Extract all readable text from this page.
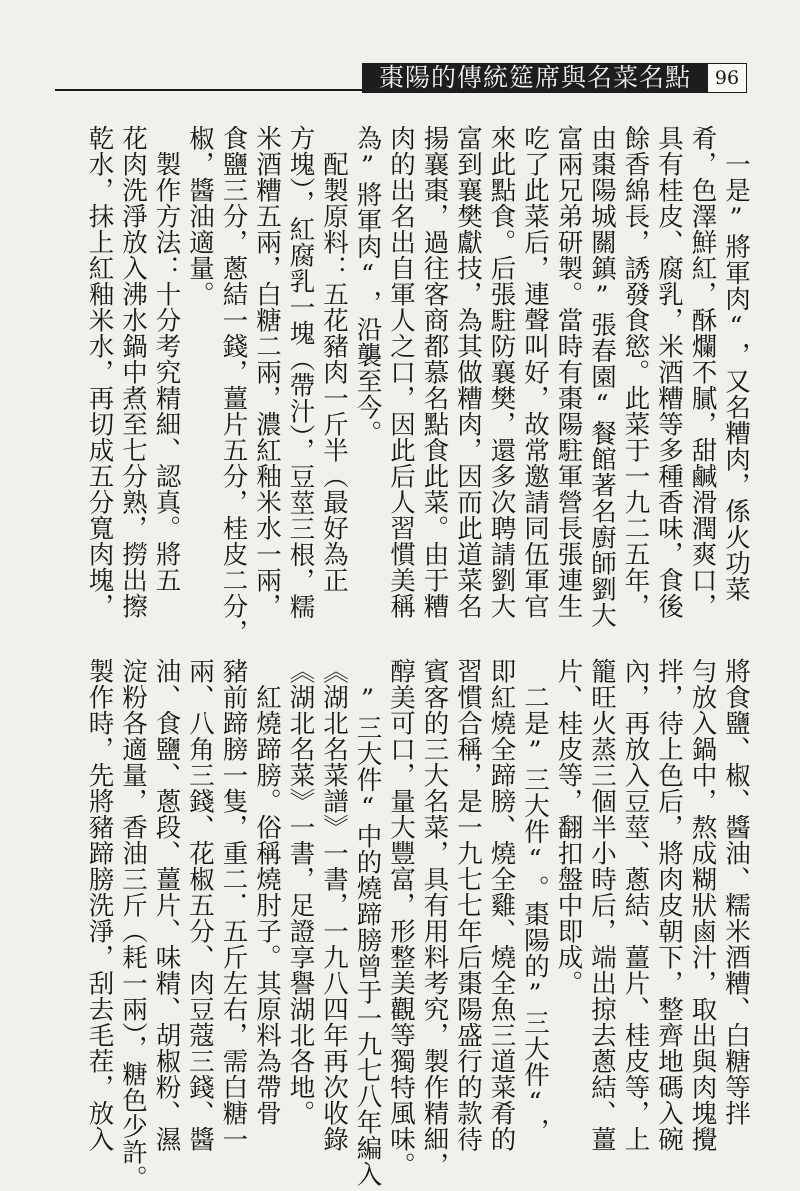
棗陽的傳統筵席與名菜名點	96
　一是”將軍肉“，又名糟肉，係火功菜
肴，色澤鮮紅，酥爛不膩，甜鹹滑潤爽口，
具有桂皮、腐乳，米酒糟等多種香味，食後
餘香綿長，誘發食慾。此菜于一九二五年，
由棗陽城關鎮”張春園“餐館著名廚師劉大
富兩兄弟研製。當時有棗陽駐軍營長張連生
吃了此菜后，連聲叫好，故常邀請同伍軍官
來此點食。后張駐防襄樊，還多次聘請劉大
富到襄樊獻技，為其做糟肉，因而此道菜名
揚襄棗，過往客商都慕名點食此菜。由于糟
肉的出名出自軍人之口，因此后人習慣美稱
為”將軍肉“，沿襲至今。
　配製原料：五花豬肉一斤半（最好為正
方塊），紅腐乳一塊（帶汁），豆莖三根，糯
米酒糟五兩，白糖二兩，濃紅釉米水一兩，
食鹽三分，蔥結一錢，薑片五分，桂皮二分，
椒，醬油適量。
　製作方法：十分考究精細、認真。將五
花肉洗淨放入沸水鍋中煮至七分熟，撈出擦
乾水，抹上紅釉米水，再切成五分寬肉塊，
將食鹽、椒、醬油、糯米酒糟、白糖等拌
勻放入鍋中，熬成糊狀鹵汁，取出與肉塊攪
拌，待上色后，將肉皮朝下，整齊地碼入碗
內，再放入豆莖、蔥結、薑片、桂皮等，上
籠旺火蒸三個半小時后，端出掠去蔥結、薑
片、桂皮等，翻扣盤中即成。
　二是”三大件“。棗陽的”三大件“，
即紅燒全蹄膀、燒全雞、燒全魚三道菜肴的
習慣合稱，是一九七七年后棗陽盛行的款待
賓客的三大名菜，具有用料考究，製作精細，
醇美可口，量大豐富，形整美觀等獨特風味。
　”三大件“中的燒蹄膀曾于一九七八年編入
《湖北名菜譜》一書，一九八四年再次收錄
《湖北名菜》一書，足證享譽湖北各地。
　紅燒蹄膀。俗稱燒肘子。其原料為帶骨
豬前蹄膀一隻，重二．五斤左右，需白糖一
兩、八角三錢、花椒五分、肉豆蔻三錢、醬
油、食鹽、蔥段、薑片、味精、胡椒粉、濕
淀粉各適量，香油三斤（耗一兩），糖色少許。
製作時，先將豬蹄膀洗淨，刮去毛茬，放入
